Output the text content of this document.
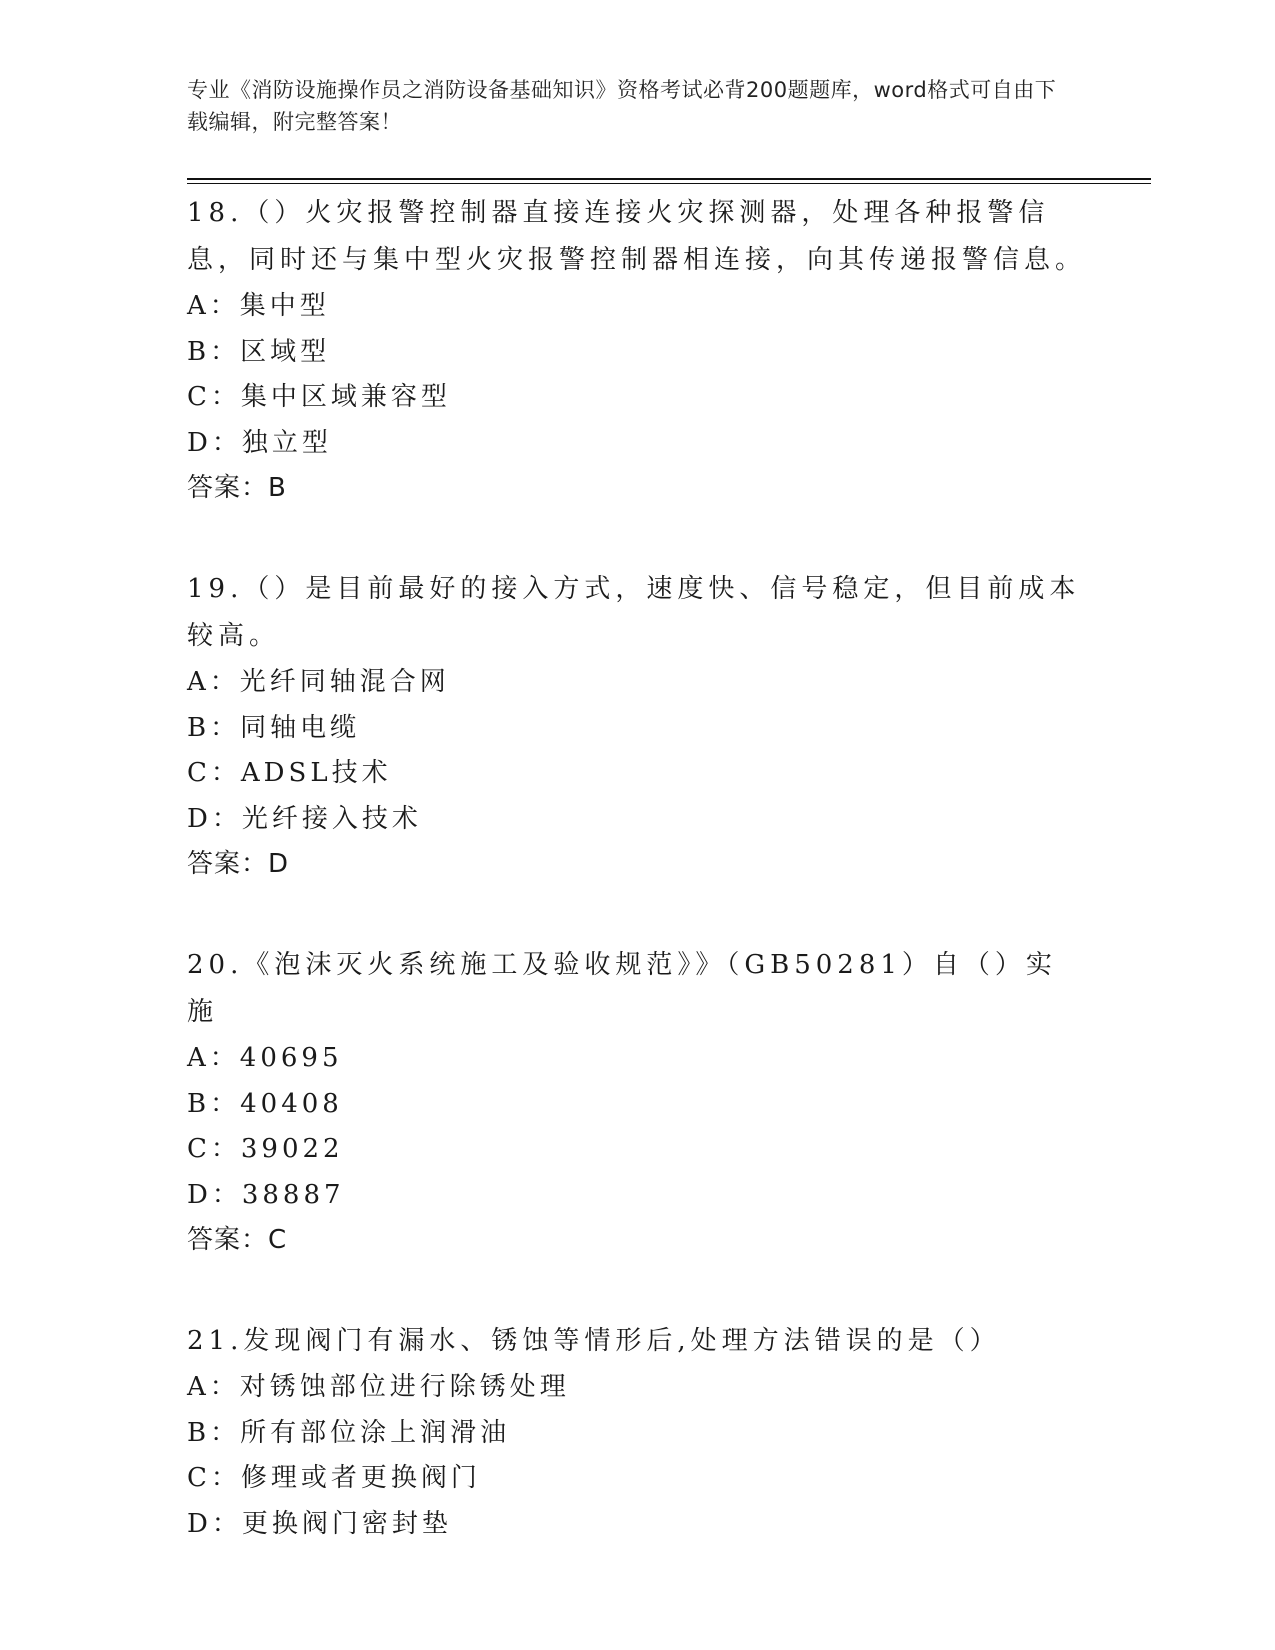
专业《消防设施操作员之消防设备基础知识》资格考试必背200题题库，word格式可自由下载编辑，附完整答案！

18.（）火灾报警控制器直接连接火灾探测器，处理各种报警信息，同时还与集中型火灾报警控制器相连接，向其传递报警信息。

A：集中型

B：区域型

C：集中区域兼容型

D：独立型

答案：B

19.（）是目前最好的接入方式，速度快、信号稳定，但目前成本较高。

A：光纤同轴混合网

B：同轴电缆

C：ADSL技术

D：光纤接入技术

答案：D

20.《泡沫灭火系统施工及验收规范》》（GB50281）自（）实施

A：40695

B：40408

C：39022

D：38887

答案：C

21.发现阀门有漏水、锈蚀等情形后,处理方法错误的是（）

A：对锈蚀部位进行除锈处理

B：所有部位涂上润滑油

C：修理或者更换阀门

D：更换阀门密封垫
